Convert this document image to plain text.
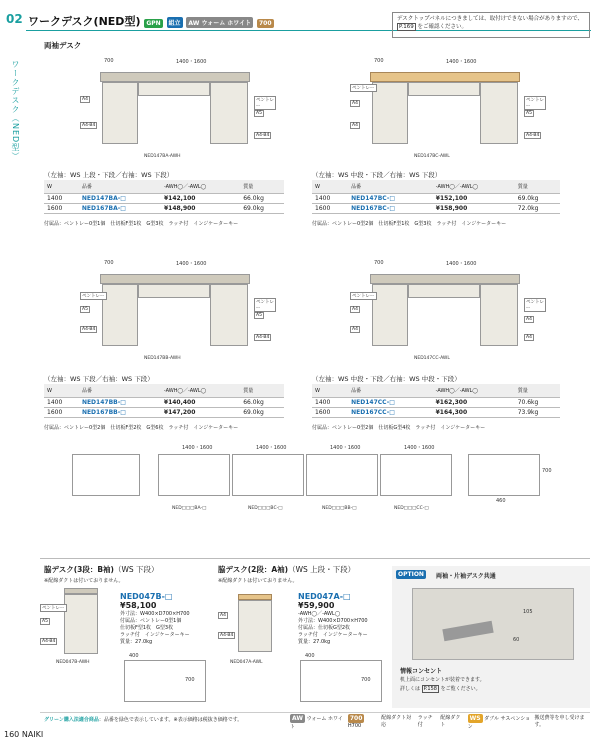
02
ワークデスク（NED型）
ワークデスク(NED型) GPN 組立 AW ウォーム ホワイト 700
デスクトップパネルにつきましては、取付けできない場合がありますので、 P.169 をご確認ください。
両袖デスク
700	1400・1600
A4
A4-B4
ペントレー
A5
A4-B4
NED147BA-AWH
700	1400・1600
ペントレー
A4
A4
ペントレー
A5
A4-B4
NED147BC-AWL
（左袖：WS 上段・下段／右袖：WS 下段）	（左袖：WS 中段・下段／右袖：WS 下段）
W	品番	-AWH◯／-AWL◯	質量
1400	NED147BA-□	¥142,100	66.0kg
1600	NED167BA-□	¥148,900	69.0kg
W	品番	-AWH◯／-AWL◯	質量
1400	NED147BC-□	¥152,100	69.0kg
1600	NED167BC-□	¥158,900	72.0kg
付属品：ペントレー0型1個　仕切板F型1枚　G型3枚　ラッチ付　インジケーターキー	付属品：ペントレー0型2個　仕切板F型1枚　G型3枚　ラッチ付　インジケーターキー
700	1400・1600
ペントレー
A5
A4-B4
ペントレー
A5
A4-B4
NED147BB-AWH
700	1400・1600
ペントレー
A4
A4
ペントレー
A4
A4
NED147CC-AWL
（左袖：WS 下段／右袖：WS 下段）	（左袖：WS 中段・下段／右袖：WS 中段・下段）
W	品番	-AWH◯／-AWL◯	質量
1400	NED147BB-□	¥140,400	66.0kg
1600	NED167BB-□	¥147,200	69.0kg
W	品番	-AWH◯／-AWL◯	質量
1400	NED147CC-□	¥162,300	70.6kg
1600	NED167CC-□	¥164,300	73.9kg
付属品：ペントレー0型2個　仕切板F型2枚　G型6枚　ラッチ付　インジケーターキー	付属品：ペントレー0型2個　仕切板G型4枚　ラッチ付　インジケーターキー
1400・1600	1400・1600	1400・1600	1400・1600
700
460
NED□□□BA-□	NED□□□BC-□	NED□□□BB-□	NED□□□CC-□
脇デスク(3段：B袖)（WS 下段）
※配線ダクトは付いておりません。
ペントレー
A5
A4-B4
NED047B-AWH
NED047B-□
¥58,100
外寸法：W400×D700×H700
付属品：ペントレー0型1個
仕切板F型1枚　G型3枚
ラッチ付　インジケーターキー
質量：27.0kg
400
700
脇デスク(2段：A袖)（WS 上段・下段）
※配線ダクトは付いておりません。
A4
A4-B4
NED047A-AWL
NED047A-□
¥59,900
-AWH◯／-AWL◯
外寸法：W400×D700×H700
付属品：仕切板G型2枚
ラッチ付　インジケーターキー
質量：27.0kg
400
700
OPTION	両袖・片袖デスク共通
105
60
情報コンセント
机上面にコンセントが装着できます。
詳しくは P.158 をご覧ください。
グリーン購入法適合商品：品番を緑色で表示しています。※表示価格は税抜き価格です。	AW ウォーム ホワイト
700 H700
配線ダクト対応
ラッチ付
配線ダクト
WS ダブル サスペンション
搬送費等を申し受けます。
160 NAIKI
